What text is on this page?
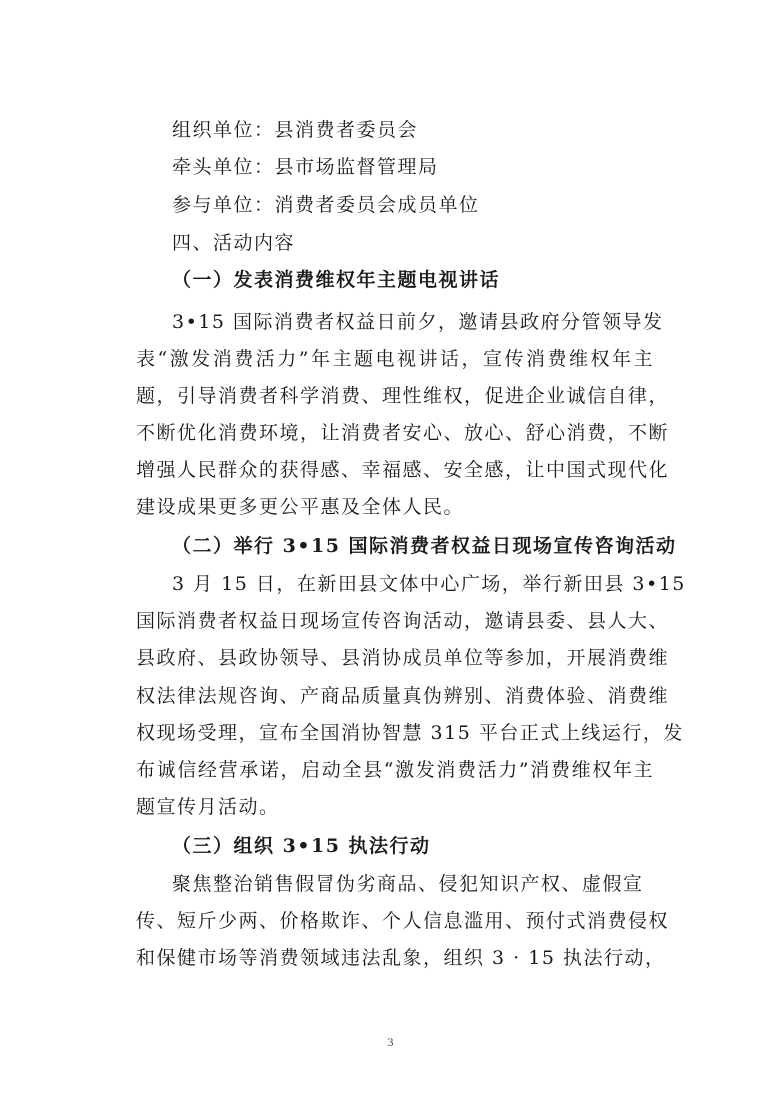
组织单位：县消费者委员会
牵头单位：县市场监督管理局
参与单位：消费者委员会成员单位
四、活动内容
（一）发表消费维权年主题电视讲话
3•15 国际消费者权益日前夕，邀请县政府分管领导发
表“激发消费活力”年主题电视讲话，宣传消费维权年主
题，引导消费者科学消费、理性维权，促进企业诚信自律，
不断优化消费环境，让消费者安心、放心、舒心消费，不断
增强人民群众的获得感、幸福感、安全感，让中国式现代化
建设成果更多更公平惠及全体人民。
（二）举行 3•15 国际消费者权益日现场宣传咨询活动
3 月 15 日，在新田县文体中心广场，举行新田县 3•15
国际消费者权益日现场宣传咨询活动，邀请县委、县人大、
县政府、县政协领导、县消协成员单位等参加，开展消费维
权法律法规咨询、产商品质量真伪辨别、消费体验、消费维
权现场受理，宣布全国消协智慧 315 平台正式上线运行，发
布诚信经营承诺，启动全县“激发消费活力”消费维权年主
题宣传月活动。
（三）组织 3•15 执法行动
聚焦整治销售假冒伪劣商品、侵犯知识产权、虚假宣
传、短斤少两、价格欺诈、个人信息滥用、预付式消费侵权
和保健市场等消费领域违法乱象，组织 3 · 15 执法行动，
3
